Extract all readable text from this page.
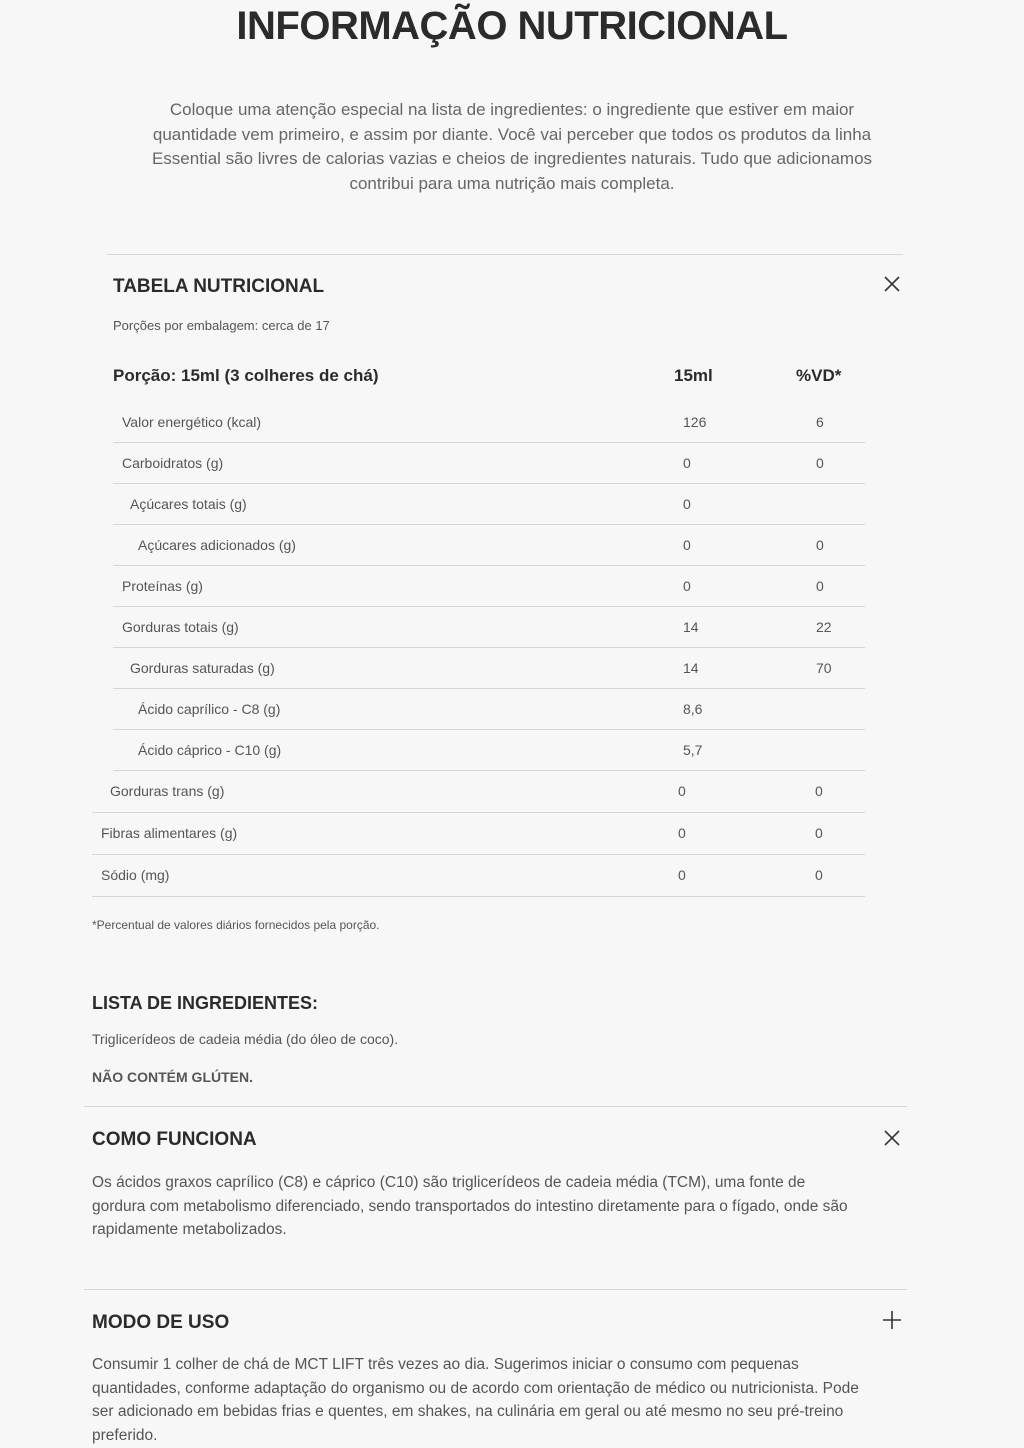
INFORMAÇÃO NUTRICIONAL
Coloque uma atenção especial na lista de ingredientes: o ingrediente que estiver em maior quantidade vem primeiro, e assim por diante. Você vai perceber que todos os produtos da linha Essential são livres de calorias vazias e cheios de ingredientes naturais. Tudo que adicionamos contribui para uma nutrição mais completa.
TABELA NUTRICIONAL
Porções por embalagem: cerca de 17
Porção: 15ml (3 colheres de chá)	15ml	%VD*
Valor energético (kcal)	126	6
Carboidratos (g)	0	0
Açúcares totais (g)	0
Açúcares adicionados (g)	0	0
Proteínas (g)	0	0
Gorduras totais (g)	14	22
Gorduras saturadas (g)	14	70
Ácido caprílico - C8 (g)	8,6
Ácido cáprico - C10 (g)	5,7
Gorduras trans (g)	0	0
Fibras alimentares (g)	0	0
Sódio (mg)	0	0
*Percentual de valores diários fornecidos pela porção.
LISTA DE INGREDIENTES:
Triglicerídeos de cadeia média (do óleo de coco).
NÃO CONTÉM GLÚTEN.
COMO FUNCIONA
Os ácidos graxos caprílico (C8) e cáprico (C10) são triglicerídeos de cadeia média (TCM), uma fonte de gordura com metabolismo diferenciado, sendo transportados do intestino diretamente para o fígado, onde são rapidamente metabolizados.
MODO DE USO
Consumir 1 colher de chá de MCT LIFT três vezes ao dia. Sugerimos iniciar o consumo com pequenas quantidades, conforme adaptação do organismo ou de acordo com orientação de médico ou nutricionista. Pode ser adicionado em bebidas frias e quentes, em shakes, na culinária em geral ou até mesmo no seu pré-treino preferido.
